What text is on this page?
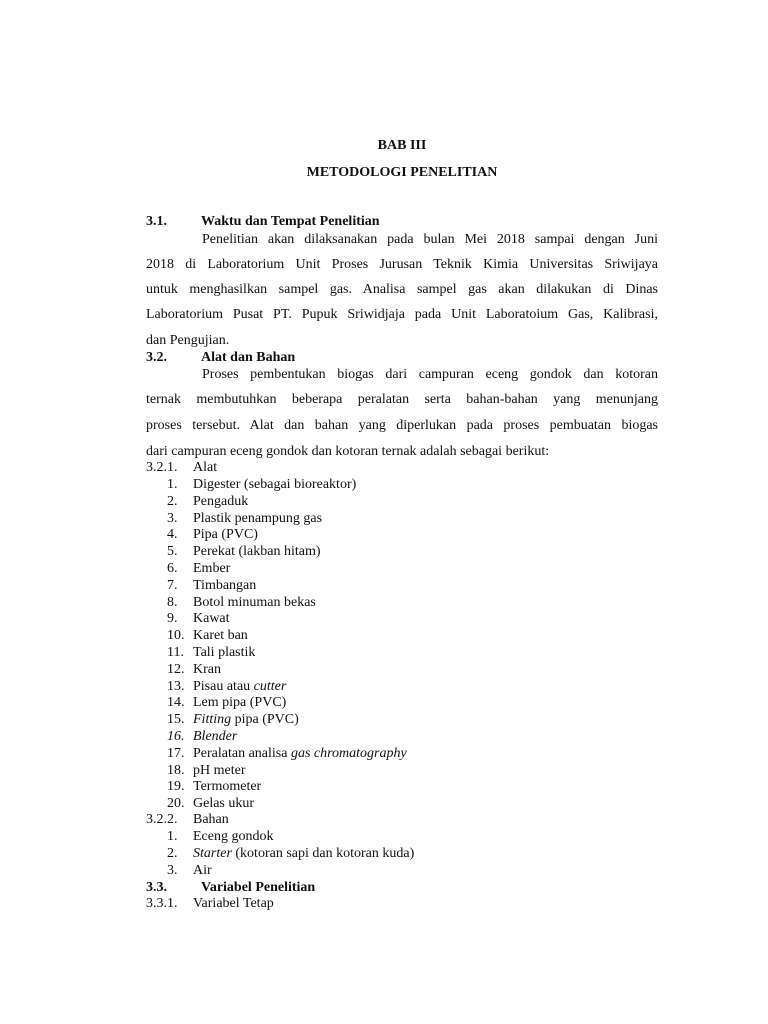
BAB III
METODOLOGI PENELITIAN
3.1. Waktu dan Tempat Penelitian
Penelitian akan dilaksanakan pada bulan Mei 2018 sampai dengan Juni
2018 di Laboratorium Unit Proses Jurusan Teknik Kimia Universitas Sriwijaya
untuk menghasilkan sampel gas. Analisa sampel gas akan dilakukan di Dinas
Laboratorium Pusat PT. Pupuk Sriwidjaja pada Unit Laboratoium Gas, Kalibrasi,
dan Pengujian.
3.2. Alat dan Bahan
Proses pembentukan biogas dari campuran eceng gondok dan kotoran
ternak membutuhkan beberapa peralatan serta bahan-bahan yang menunjang
proses tersebut. Alat dan bahan yang diperlukan pada proses pembuatan biogas
dari campuran eceng gondok dan kotoran ternak adalah sebagai berikut:
3.2.1. Alat
1. Digester (sebagai bioreaktor)
2. Pengaduk
3. Plastik penampung gas
4. Pipa (PVC)
5. Perekat (lakban hitam)
6. Ember
7. Timbangan
8. Botol minuman bekas
9. Kawat
10. Karet ban
11. Tali plastik
12. Kran
13. Pisau atau cutter
14. Lem pipa (PVC)
15. Fitting pipa (PVC)
16. Blender
17. Peralatan analisa gas chromatography
18. pH meter
19. Termometer
20. Gelas ukur
3.2.2. Bahan
1. Eceng gondok
2. Starter (kotoran sapi dan kotoran kuda)
3. Air
3.3. Variabel Penelitian
3.3.1. Variabel Tetap
